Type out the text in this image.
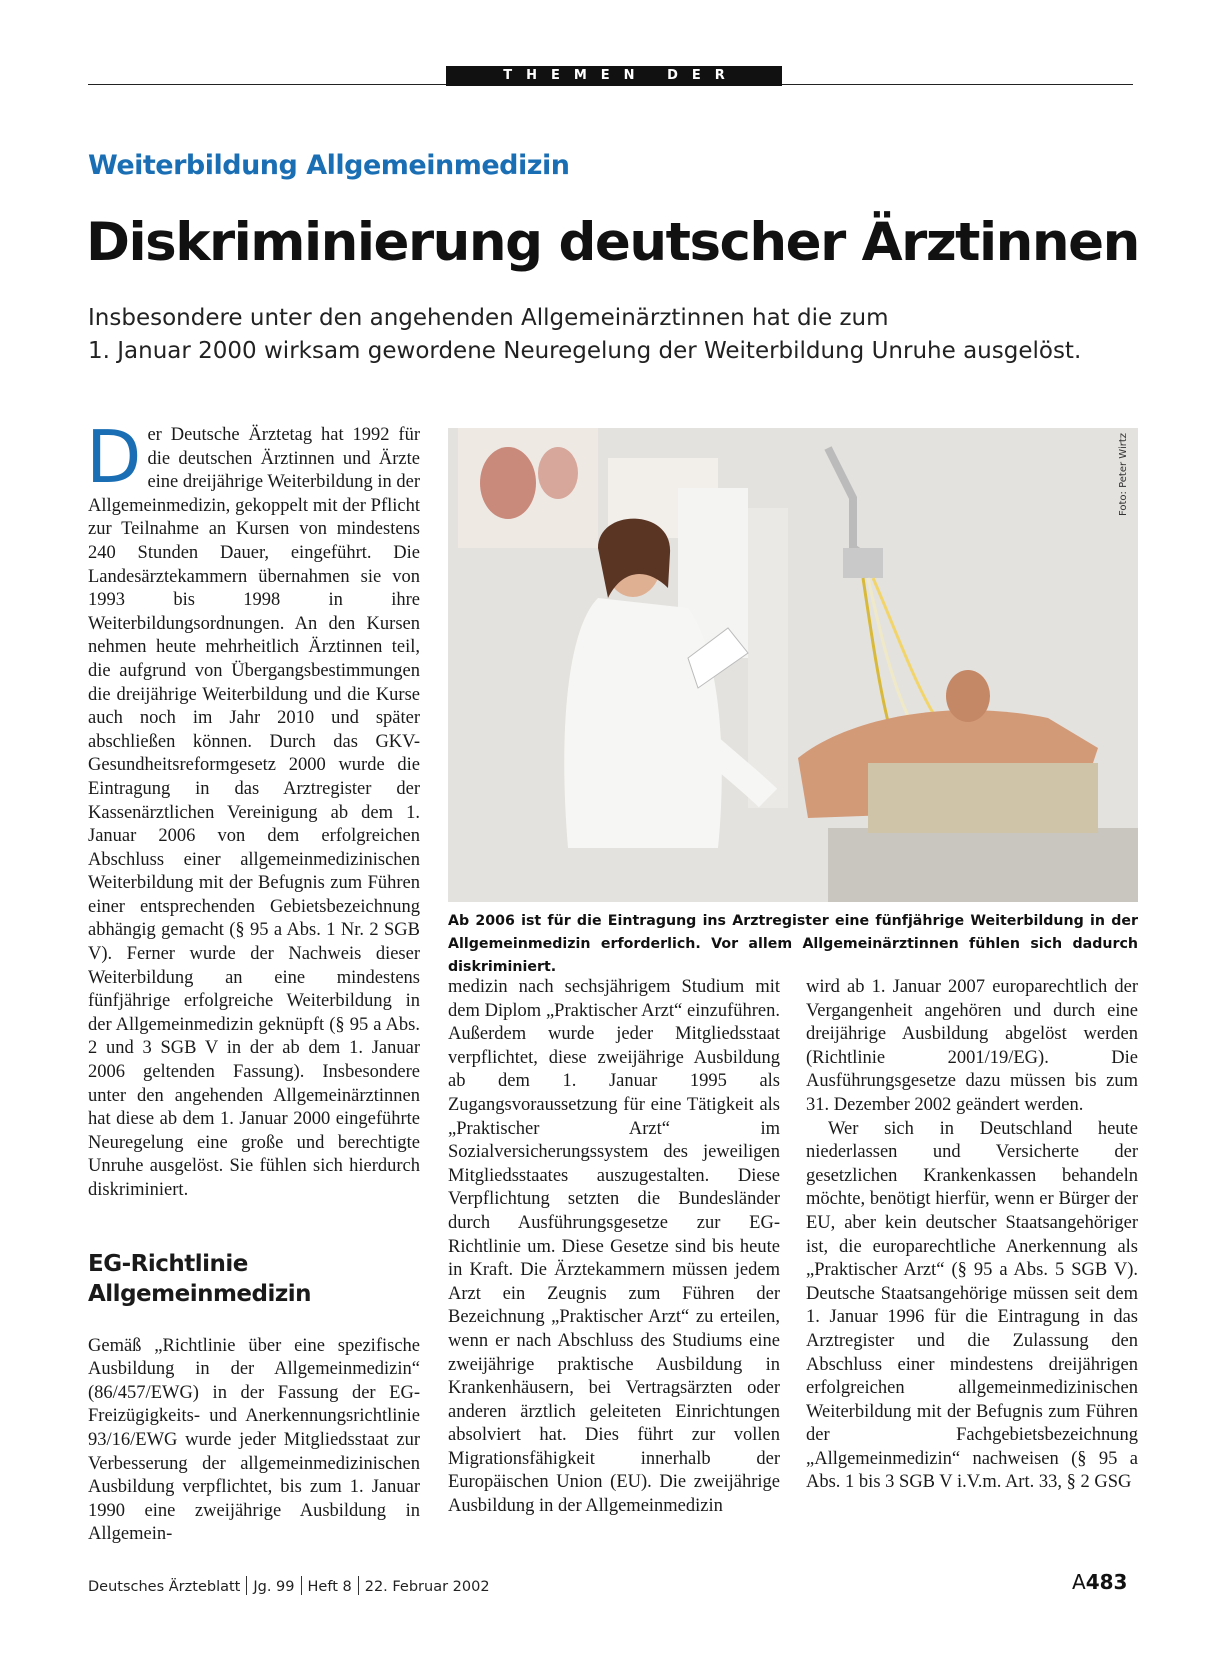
THEMEN DER ZEIT
Weiterbildung Allgemeinmedizin
Diskriminierung deutscher Ärztinnen
Insbesondere unter den angehenden Allgemeinärztinnen hat die zum
1. Januar 2000 wirksam gewordene Neuregelung der Weiterbildung Unruhe ausgelöst.

Der Deutsche Ärztetag hat 1992 für die deutschen Ärztinnen und Ärzte eine dreijährige Weiterbildung in der Allgemeinmedizin, gekoppelt mit der Pflicht zur Teilnahme an Kursen von mindestens 240 Stunden Dauer, eingeführt. Die Landesärztekammern übernahmen sie von 1993 bis 1998 in ihre Weiterbildungsordnungen. An den Kursen nehmen heute mehrheitlich Ärztinnen teil, die aufgrund von Übergangsbestimmungen die dreijährige Weiterbildung und die Kurse auch noch im Jahr 2010 und später abschließen können. Durch das GKV-Gesundheitsreformgesetz 2000 wurde die Eintragung in das Arztregister der Kassenärztlichen Vereinigung ab dem 1. Januar 2006 von dem erfolgreichen Abschluss einer allgemeinmedizinischen Weiterbildung mit der Befugnis zum Führen einer entsprechenden Gebietsbezeichnung abhängig gemacht (§ 95 a Abs. 1 Nr. 2 SGB V). Ferner wurde der Nachweis dieser Weiterbildung an eine mindestens fünfjährige erfolgreiche Weiterbildung in der Allgemeinmedizin geknüpft (§ 95 a Abs. 2 und 3 SGB V in der ab dem 1. Januar 2006 geltenden Fassung). Insbesondere unter den angehenden Allgemeinärztinnen hat diese ab dem 1. Januar 2000 eingeführte Neuregelung eine große und berechtigte Unruhe ausgelöst. Sie fühlen sich hierdurch diskriminiert.

EG-Richtlinie Allgemeinmedizin

Gemäß „Richtlinie über eine spezifische Ausbildung in der Allgemeinmedizin“ (86/457/EWG) in der Fassung der EG-Freizügigkeits- und Anerkennungsrichtlinie 93/16/EWG wurde jeder Mitgliedsstaat zur Verbesserung der allgemeinmedizinischen Ausbildung verpflichtet, bis zum 1. Januar 1990 eine zweijährige Ausbildung in Allgemein-

Foto: Peter Wirtz
Ab 2006 ist für die Eintragung ins Arztregister eine fünfjährige Weiterbildung in der Allgemeinmedizin erforderlich. Vor allem Allgemeinärztinnen fühlen sich dadurch diskriminiert.

medizin nach sechsjährigem Studium mit dem Diplom „Praktischer Arzt“ einzuführen. Außerdem wurde jeder Mitgliedsstaat verpflichtet, diese zweijährige Ausbildung ab dem 1. Januar 1995 als Zugangsvoraussetzung für eine Tätigkeit als „Praktischer Arzt“ im Sozialversicherungssystem des jeweiligen Mitgliedsstaates auszugestalten. Diese Verpflichtung setzten die Bundesländer durch Ausführungsgesetze zur EG-Richtlinie um. Diese Gesetze sind bis heute in Kraft. Die Ärztekammern müssen jedem Arzt ein Zeugnis zum Führen der Bezeichnung „Praktischer Arzt“ zu erteilen, wenn er nach Abschluss des Studiums eine zweijährige praktische Ausbildung in Krankenhäusern, bei Vertragsärzten oder anderen ärztlich geleiteten Einrichtungen absolviert hat. Dies führt zur vollen Migrationsfähigkeit innerhalb der Europäischen Union (EU). Die zweijährige Ausbildung in der Allgemeinmedizin

wird ab 1. Januar 2007 europarechtlich der Vergangenheit angehören und durch eine dreijährige Ausbildung abgelöst werden (Richtlinie 2001/19/EG). Die Ausführungsgesetze dazu müssen bis zum 31. Dezember 2002 geändert werden.

Wer sich in Deutschland heute niederlassen und Versicherte der gesetzlichen Krankenkassen behandeln möchte, benötigt hierfür, wenn er Bürger der EU, aber kein deutscher Staatsangehöriger ist, die europarechtliche Anerkennung als „Praktischer Arzt“ (§ 95 a Abs. 5 SGB V). Deutsche Staatsangehörige müssen seit dem 1. Januar 1996 für die Eintragung in das Arztregister und die Zulassung den Abschluss einer mindestens dreijährigen erfolgreichen allgemeinmedizinischen Weiterbildung mit der Befugnis zum Führen der Fachgebietsbezeichnung „Allgemeinmedizin“ nachweisen (§ 95 a Abs. 1 bis 3 SGB V i.V.m. Art. 33, § 2 GSG

Deutsches Ärzteblatt Jg. 99 Heft 8 22. Februar 2002	A483
